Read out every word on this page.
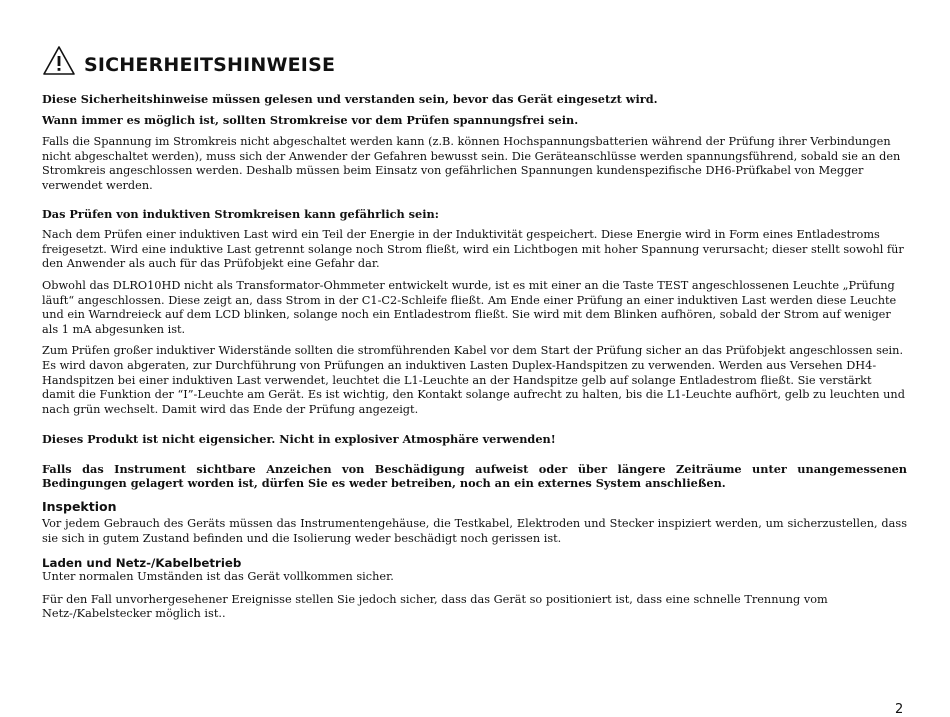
SICHERHEITSHINWEISE

Diese Sicherheitshinweise müssen gelesen und verstanden sein, bevor das Gerät eingesetzt wird.

Wann immer es möglich ist, sollten Stromkreise vor dem Prüfen spannungsfrei sein.

Falls die Spannung im Stromkreis nicht abgeschaltet werden kann (z.B. können Hochspannungsbatterien während der Prüfung ihrer Verbindungen nicht abgeschaltet werden), muss sich der Anwender der Gefahren bewusst sein. Die Geräteanschlüsse werden spannungsführend, sobald sie an den Stromkreis angeschlossen werden. Deshalb müssen beim Einsatz von gefährlichen Spannungen kundenspezifische DH6-Prüfkabel von Megger verwendet werden.

Das Prüfen von induktiven Stromkreisen kann gefährlich sein:

Nach dem Prüfen einer induktiven Last wird ein Teil der Energie in der Induktivität gespeichert. Diese Energie wird in Form eines Entladestroms freigesetzt. Wird eine induktive Last getrennt solange noch Strom fließt, wird ein Lichtbogen mit hoher Spannung verursacht; dieser stellt sowohl für den Anwender als auch für das Prüfobjekt eine Gefahr dar.

Obwohl das DLRO10HD nicht als Transformator-Ohmmeter entwickelt wurde, ist es mit einer an die Taste TEST angeschlossenen Leuchte „Prüfung läuft“ angeschlossen. Diese zeigt an, dass Strom in der C1-C2-Schleife fließt. Am Ende einer Prüfung an einer induktiven Last werden diese Leuchte und ein Warndreieck auf dem LCD blinken, solange noch ein Entladestrom fließt. Sie wird mit dem Blinken aufhören, sobald der Strom auf weniger als 1 mA abgesunken ist.

Zum Prüfen großer induktiver Widerstände sollten die stromführenden Kabel vor dem Start der Prüfung sicher an das Prüfobjekt angeschlossen sein. Es wird davon abgeraten, zur Durchführung von Prüfungen an induktiven Lasten Duplex-Handspitzen zu verwenden. Werden aus Versehen DH4-Handspitzen bei einer induktiven Last verwendet, leuchtet die L1-Leuchte an der Handspitze gelb auf solange Entladestrom fließt. Sie verstärkt damit die Funktion der “I”-Leuchte am Gerät. Es ist wichtig, den Kontakt solange aufrecht zu halten, bis die L1-Leuchte aufhört, gelb zu leuchten und nach grün wechselt. Damit wird das Ende der Prüfung angezeigt.

Dieses Produkt ist nicht eigensicher. Nicht in explosiver Atmosphäre verwenden!

Falls das Instrument sichtbare Anzeichen von Beschädigung aufweist oder über längere Zeiträume unter unangemessenen Bedingungen gelagert worden ist, dürfen Sie es weder betreiben, noch an ein externes System anschließen.

Inspektion

Vor jedem Gebrauch des Geräts müssen das Instrumentengehäuse, die Testkabel, Elektroden und Stecker inspiziert werden, um sicherzustellen, dass sie sich in gutem Zustand befinden und die Isolierung weder beschädigt noch gerissen ist.

Laden und Netz-/Kabelbetrieb

Unter normalen Umständen ist das Gerät vollkommen sicher.

Für den Fall unvorhergesehener Ereignisse stellen Sie jedoch sicher, dass das Gerät so positioniert ist, dass eine schnelle Trennung vom Netz-/Kabelstecker möglich ist..

2
